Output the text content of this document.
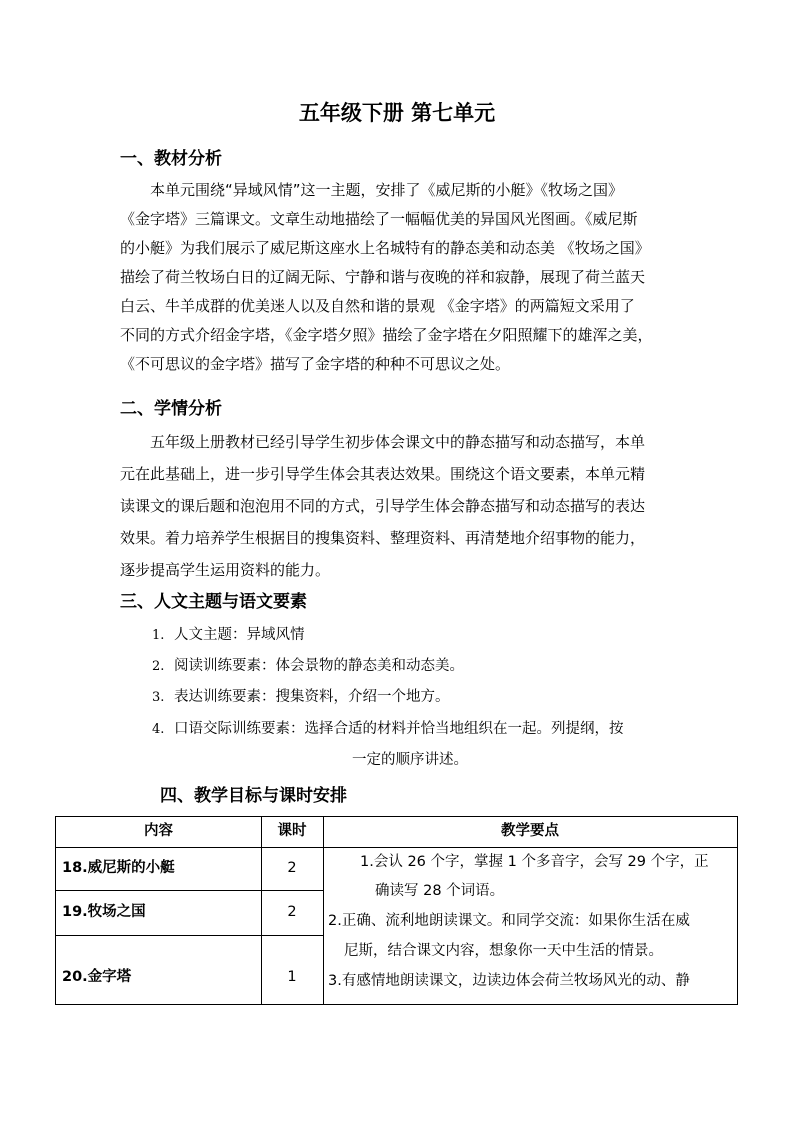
五年级下册 第七单元
一、教材分析
本单元围绕“异域风情”这一主题，安排了《威尼斯的小艇》《牧场之国》
《金字塔》三篇课文。文章生动地描绘了一幅幅优美的异国风光图画。《威尼斯
的小艇》为我们展示了威尼斯这座水上名城特有的静态美和动态美 《牧场之国》
描绘了荷兰牧场白日的辽阔无际、宁静和谐与夜晚的祥和寂静，展现了荷兰蓝天
白云、牛羊成群的优美迷人以及自然和谐的景观 《金字塔》的两篇短文采用了
不同的方式介绍金字塔，《金字塔夕照》描绘了金字塔在夕阳照耀下的雄浑之美，
《不可思议的金字塔》描写了金字塔的种种不可思议之处。
二、学情分析
五年级上册教材已经引导学生初步体会课文中的静态描写和动态描写，本单
元在此基础上，进一步引导学生体会其表达效果。围绕这个语文要素，本单元精
读课文的课后题和泡泡用不同的方式，引导学生体会静态描写和动态描写的表达
效果。着力培养学生根据目的搜集资料、整理资料、再清楚地介绍事物的能力，
逐步提高学生运用资料的能力。
三、人文主题与语文要素
1. 人文主题：异域风情
2. 阅读训练要素：体会景物的静态美和动态美。
3. 表达训练要素：搜集资料，介绍一个地方。
4. 口语交际训练要素：选择合适的材料并恰当地组织在一起。列提纲，按
一定的顺序讲述。
四、教学目标与课时安排
内容	课时	教学要点
18.威尼斯的小艇	2
19.牧场之国	2
20.金字塔	1
1.会认 26 个字，掌握 1 个多音字，会写 29 个字，正
确读写 28 个词语。
2.正确、流利地朗读课文。和同学交流：如果你生活在威
尼斯，结合课文内容，想象你一天中生活的情景。
3.有感情地朗读课文，边读边体会荷兰牧场风光的动、静
